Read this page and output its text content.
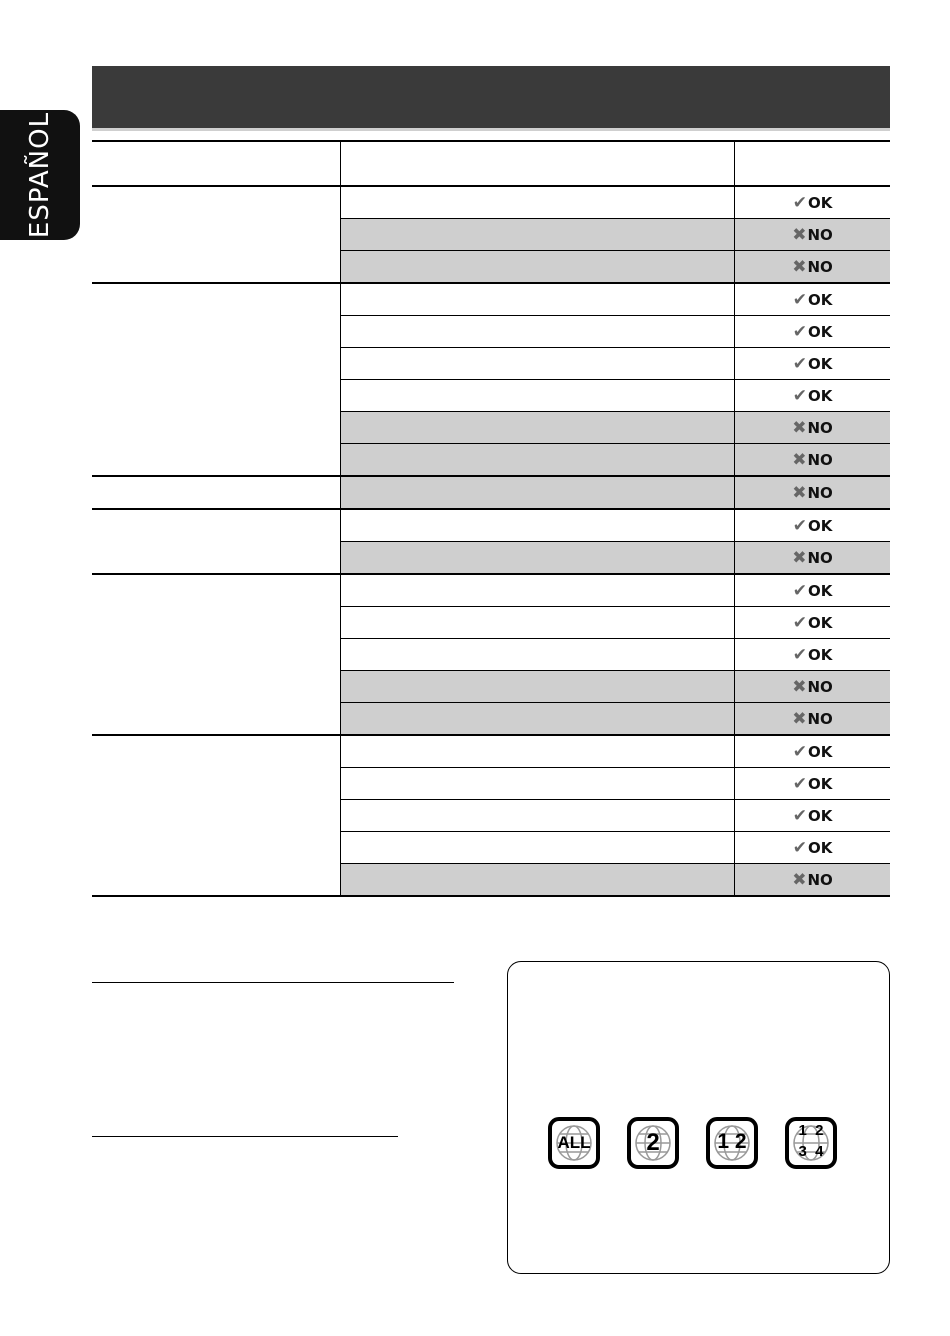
ESPAÑOL	✔ OK
✖ NO
✖ NO
✔ OK
✔ OK
✔ OK
✔ OK
✖ NO
✖ NO
✖ NO
✔ OK
✖ NO
✔ OK
✔ OK
✔ OK
✖ NO
✖ NO
✔ OK
✔ OK
✔ OK
✔ OK
✖ NO
ALL	2	1 2	1  2
3  4
